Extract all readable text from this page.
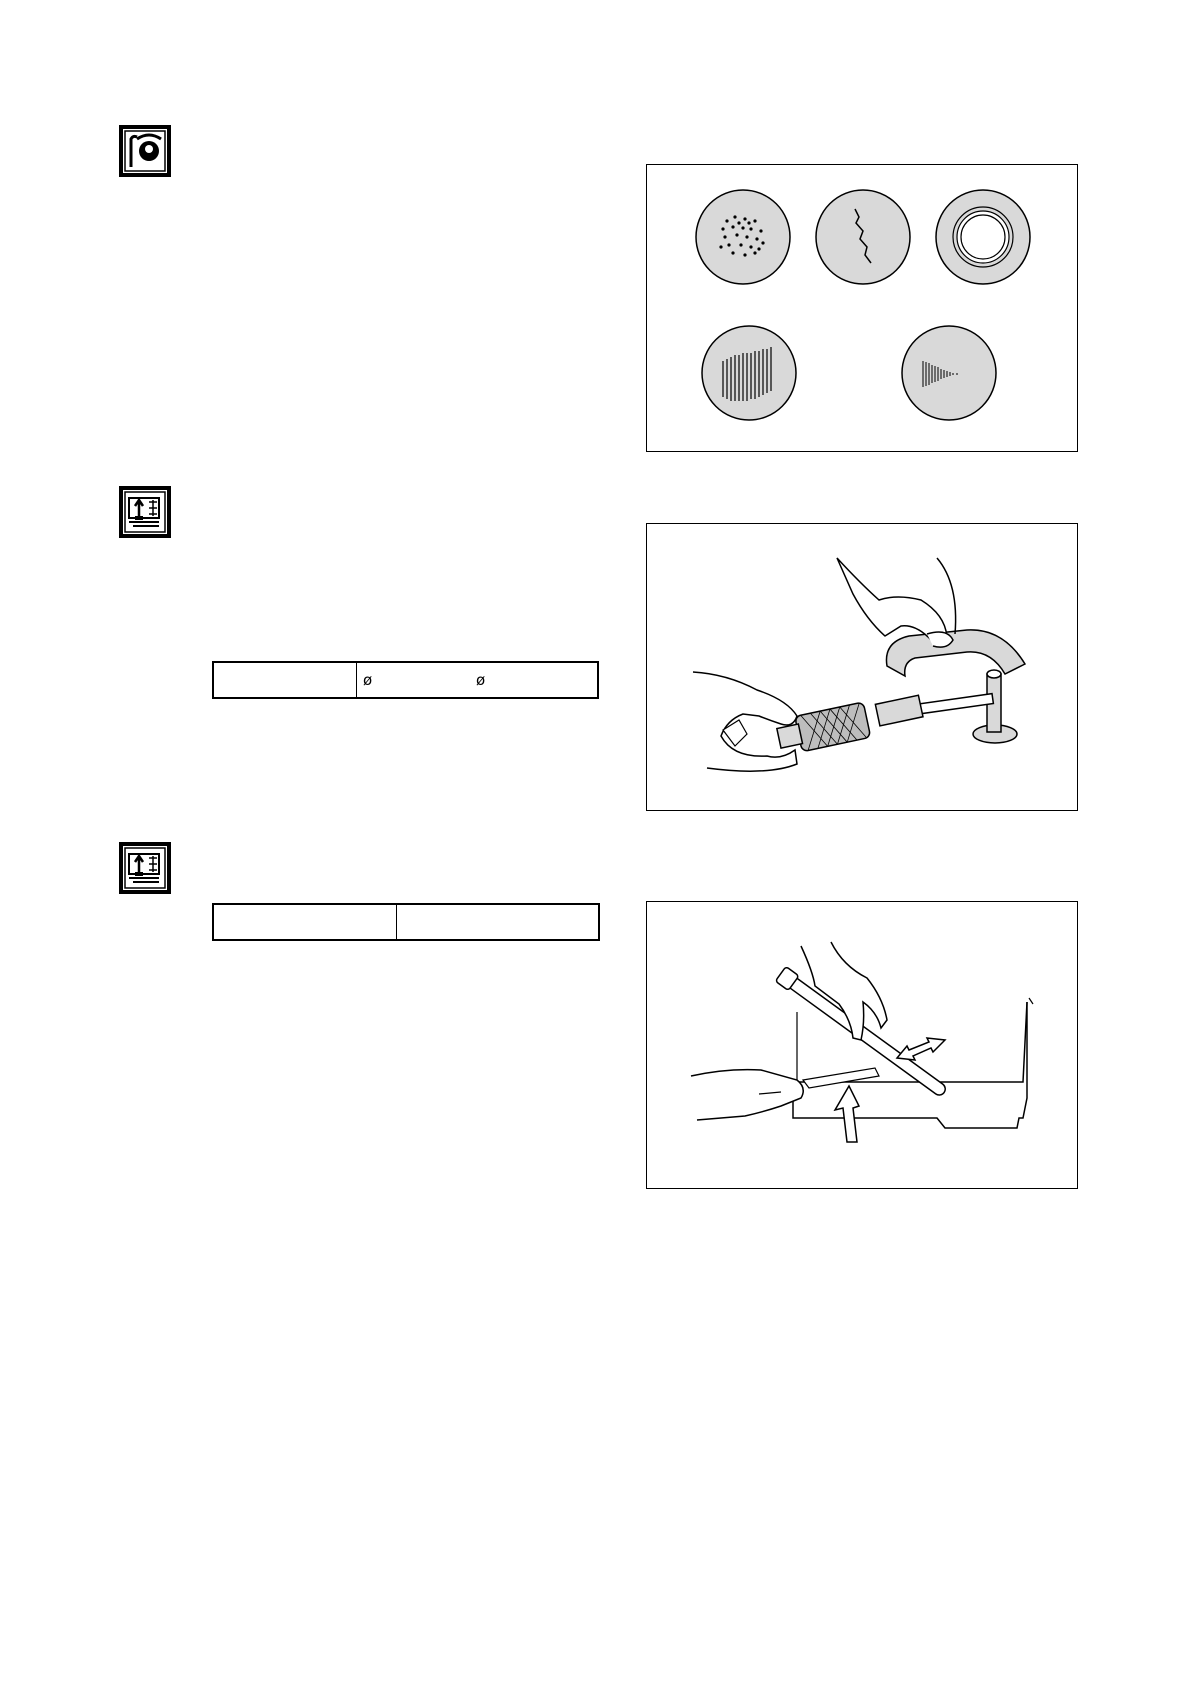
	ø	ø
